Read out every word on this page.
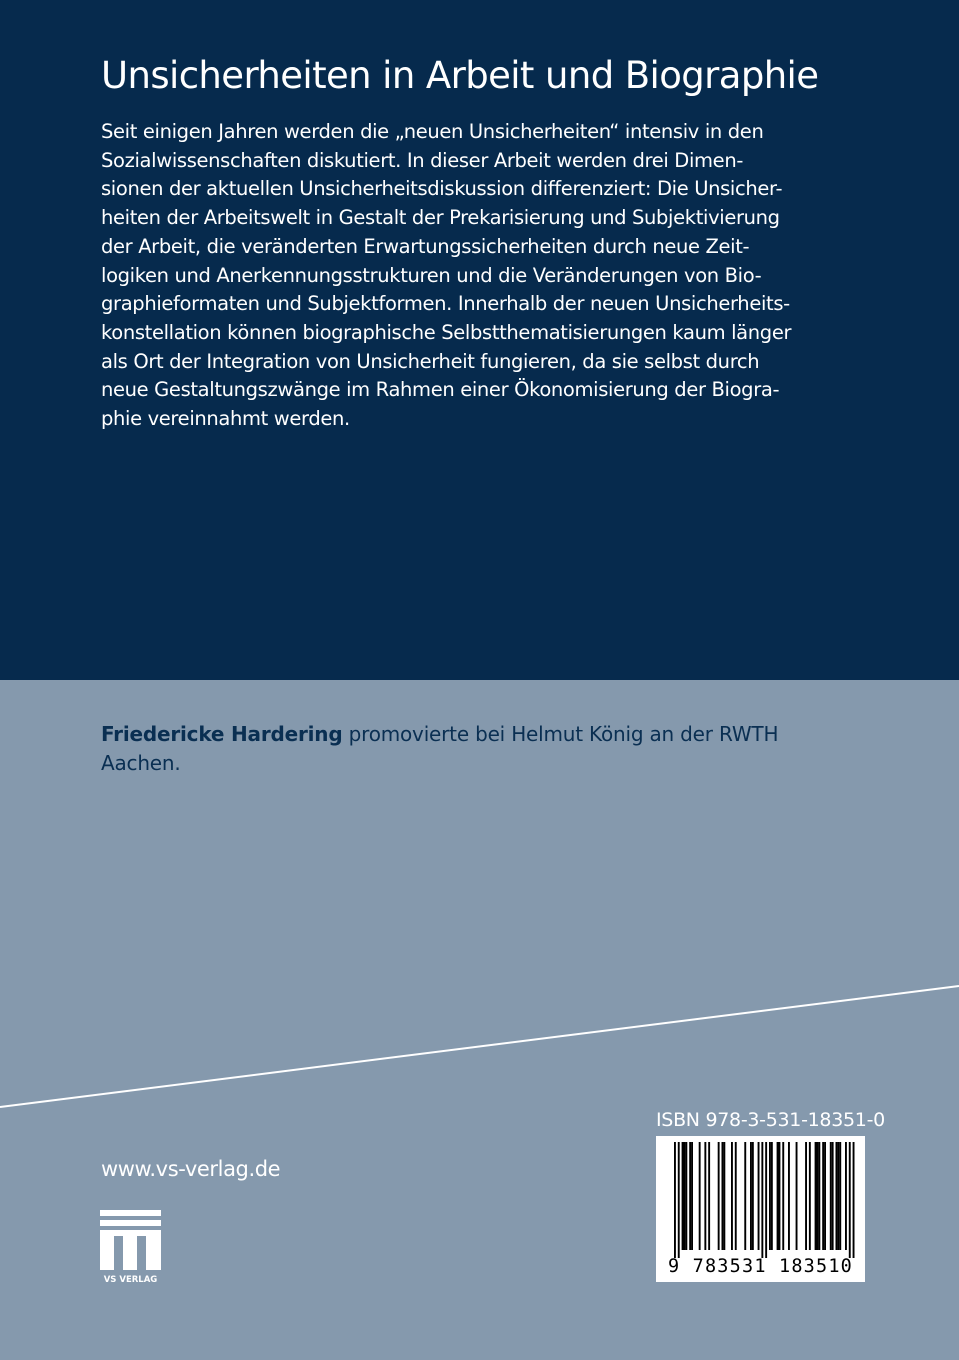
Unsicherheiten in Arbeit und Biographie
Seit einigen Jahren werden die „neuen Unsicherheiten“ intensiv in den
Sozialwissenschaften diskutiert. In dieser Arbeit werden drei Dimen-
sionen der aktuellen Unsicherheitsdiskussion differenziert: Die Unsicher-
heiten der Arbeitswelt in Gestalt der Prekarisierung und Subjektivierung
der Arbeit, die veränderten Erwartungssicherheiten durch neue Zeit-
logiken und Anerkennungsstrukturen und die Veränderungen von Bio-
graphieformaten und Subjektformen. Innerhalb der neuen Unsicherheits-
konstellation können biographische Selbstthematisierungen kaum länger
als Ort der Integration von Unsicherheit fungieren, da sie selbst durch
neue Gestaltungszwänge im Rahmen einer Ökonomisierung der Biogra-
phie vereinnahmt werden.
Friedericke Hardering promovierte bei Helmut König an der RWTH
Aachen.
www.vs-verlag.de
VS VERLAG
ISBN 978-3-531-18351-0
9 783531 183510
